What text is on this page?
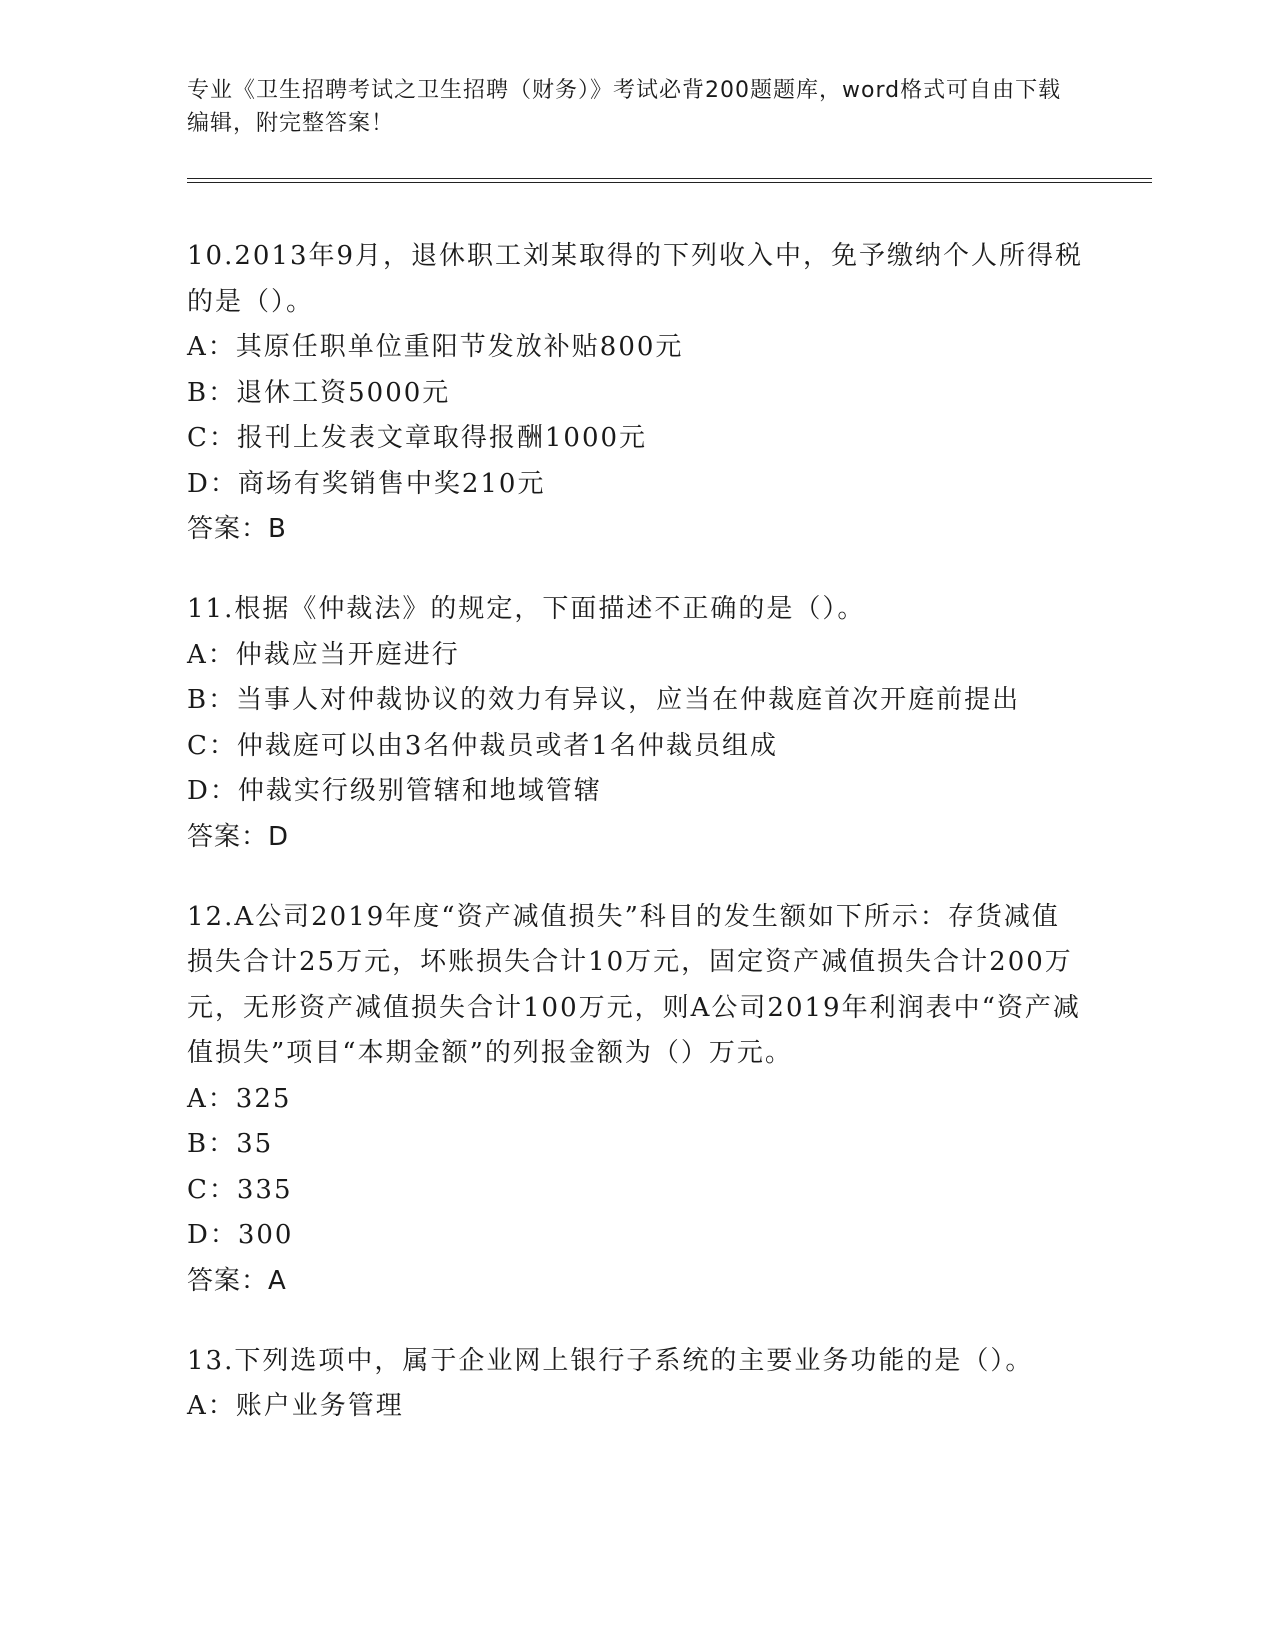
专业《卫生招聘考试之卫生招聘（财务）》考试必背200题题库，word格式可自由下载编辑，附完整答案！

10.2013年9月，退休职工刘某取得的下列收入中，免予缴纳个人所得税的是（）。

A：其原任职单位重阳节发放补贴800元

B：退休工资5000元

C：报刊上发表文章取得报酬1000元

D：商场有奖销售中奖210元

答案：B

11.根据《仲裁法》的规定，下面描述不正确的是（）。

A：仲裁应当开庭进行

B：当事人对仲裁协议的效力有异议，应当在仲裁庭首次开庭前提出

C：仲裁庭可以由3名仲裁员或者1名仲裁员组成

D：仲裁实行级别管辖和地域管辖

答案：D

12.A公司2019年度“资产减值损失”科目的发生额如下所示：存货减值损失合计25万元，坏账损失合计10万元，固定资产减值损失合计200万元，无形资产减值损失合计100万元，则A公司2019年利润表中“资产减值损失”项目“本期金额”的列报金额为（）万元。

A：325

B：35

C：335

D：300

答案：A

13.下列选项中，属于企业网上银行子系统的主要业务功能的是（）。

A：账户业务管理
